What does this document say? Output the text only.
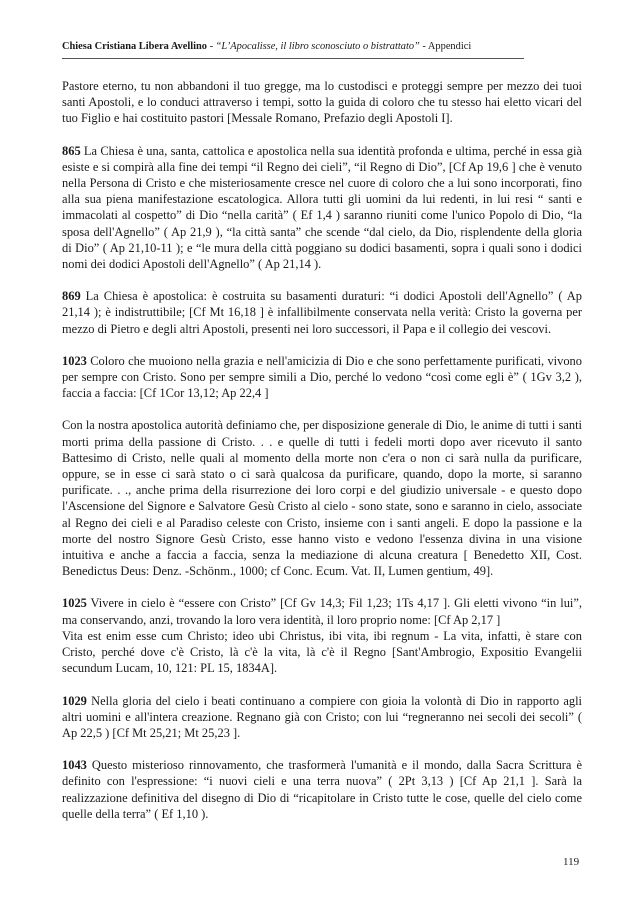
Chiesa Cristiana Libera Avellino - “L’Apocalisse, il libro sconosciuto o bistrattato” - Appendici

Pastore eterno, tu non abbandoni il tuo gregge, ma lo custodisci e proteggi sempre per mezzo dei tuoi santi Apostoli, e lo conduci attraverso i tempi, sotto la guida di coloro che tu stesso hai eletto vicari del tuo Figlio e hai costituito pastori [Messale Romano, Prefazio degli Apostoli I].

865 La Chiesa è una, santa, cattolica e apostolica nella sua identità profonda e ultima, perché in essa già esiste e si compirà alla fine dei tempi “il Regno dei cieli”, “il Regno di Dio”, [Cf Ap 19,6 ] che è venuto nella Persona di Cristo e che misteriosamente cresce nel cuore di coloro che a lui sono incorporati, fino alla sua piena manifestazione escatologica. Allora tutti gli uomini da lui redenti, in lui resi “ santi e immacolati al cospetto” di Dio “nella carità” ( Ef 1,4 ) saranno riuniti come l'unico Popolo di Dio, “la sposa dell'Agnello” ( Ap 21,9 ), “la città santa” che scende “dal cielo, da Dio, risplendente della gloria di Dio” ( Ap 21,10-11 ); e “le mura della città poggiano su dodici basamenti, sopra i quali sono i dodici nomi dei dodici Apostoli dell'Agnello” ( Ap 21,14 ).

869 La Chiesa è apostolica: è costruita su basamenti duraturi: “i dodici Apostoli dell'Agnello” ( Ap 21,14 ); è indistruttibile; [Cf Mt 16,18 ] è infallibilmente conservata nella verità: Cristo la governa per mezzo di Pietro e degli altri Apostoli, presenti nei loro successori, il Papa e il collegio dei vescovi.

1023 Coloro che muoiono nella grazia e nell'amicizia di Dio e che sono perfettamente purificati, vivono per sempre con Cristo. Sono per sempre simili a Dio, perché lo vedono “così come egli è” ( 1Gv 3,2 ), faccia a faccia: [Cf 1Cor 13,12; Ap 22,4 ]

Con la nostra apostolica autorità definiamo che, per disposizione generale di Dio, le anime di tutti i santi morti prima della passione di Cristo. . . e quelle di tutti i fedeli morti dopo aver ricevuto il santo Battesimo di Cristo, nelle quali al momento della morte non c'era o non ci sarà nulla da purificare, oppure, se in esse ci sarà stato o ci sarà qualcosa da purificare, quando, dopo la morte, si saranno purificate. . ., anche prima della risurrezione dei loro corpi e del giudizio universale - e questo dopo l'Ascensione del Signore e Salvatore Gesù Cristo al cielo - sono state, sono e saranno in cielo, associate al Regno dei cieli e al Paradiso celeste con Cristo, insieme con i santi angeli. E dopo la passione e la morte del nostro Signore Gesù Cristo, esse hanno visto e vedono l'essenza divina in una visione intuitiva e anche a faccia a faccia, senza la mediazione di alcuna creatura [ Benedetto XII, Cost. Benedictus Deus: Denz. -Schönm., 1000; cf Conc. Ecum. Vat. II, Lumen gentium, 49].

1025 Vivere in cielo è “essere con Cristo” [Cf Gv 14,3; Fil 1,23; 1Ts 4,17 ]. Gli eletti vivono “in lui”, ma conservando, anzi, trovando la loro vera identità, il loro proprio nome: [Cf Ap 2,17 ]
Vita est enim esse cum Christo; ideo ubi Christus, ibi vita, ibi regnum - La vita, infatti, è stare con Cristo, perché dove c'è Cristo, là c'è la vita, là c'è il Regno [Sant'Ambrogio, Expositio Evangelii secundum Lucam, 10, 121: PL 15, 1834A].

1029 Nella gloria del cielo i beati continuano a compiere con gioia la volontà di Dio in rapporto agli altri uomini e all'intera creazione. Regnano già con Cristo; con lui “regneranno nei secoli dei secoli” ( Ap 22,5 ) [Cf Mt 25,21; Mt 25,23 ].

1043 Questo misterioso rinnovamento, che trasformerà l'umanità e il mondo, dalla Sacra Scrittura è definito con l'espressione: “i nuovi cieli e una terra nuova” ( 2Pt 3,13 ) [Cf Ap 21,1 ]. Sarà la realizzazione definitiva del disegno di Dio di “ricapitolare in Cristo tutte le cose, quelle del cielo come quelle della terra” ( Ef 1,10 ).

119
